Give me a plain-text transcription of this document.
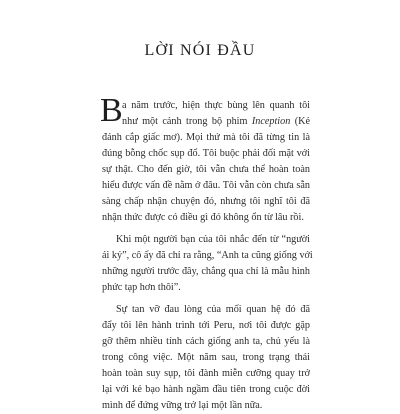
LỜI NÓI ĐẦU
B a năm trước, hiện thực bùng lên quanh tôi
như một cảnh trong bộ phim Inception (Kẻ
đánh cắp giấc mơ). Mọi thứ mà tôi đã từng tin là
đúng bỗng chốc sụp đổ. Tôi buộc phải đối mặt với
sự thật. Cho đến giờ, tôi vẫn chưa thể hoàn toàn
hiểu được vấn đề nằm ở đâu. Tôi vẫn còn chưa sẵn
sàng chấp nhận chuyện đó, nhưng tôi nghĩ tôi đã
nhận thức được có điều gì đó không ổn từ lâu rồi.
Khi một người bạn của tôi nhắc đến từ “người
ái kỷ”, cô ấy đã chỉ ra rằng, “Anh ta cũng giống với
những người trước đây, chẳng qua chỉ là mẫu hình
phức tạp hơn thôi”.
Sự tan vỡ đau lòng của mối quan hệ đó đã
đẩy tôi lên hành trình tới Peru, nơi tôi được gặp
gỡ thêm nhiều tính cách giống anh ta, chủ yếu là
trong công việc. Một năm sau, trong trạng thái
hoàn toàn suy sụp, tôi đành miễn cưỡng quay trở
lại với kẻ bạo hành ngầm đầu tiên trong cuộc đời
mình để đứng vững trở lại một lần nữa.
